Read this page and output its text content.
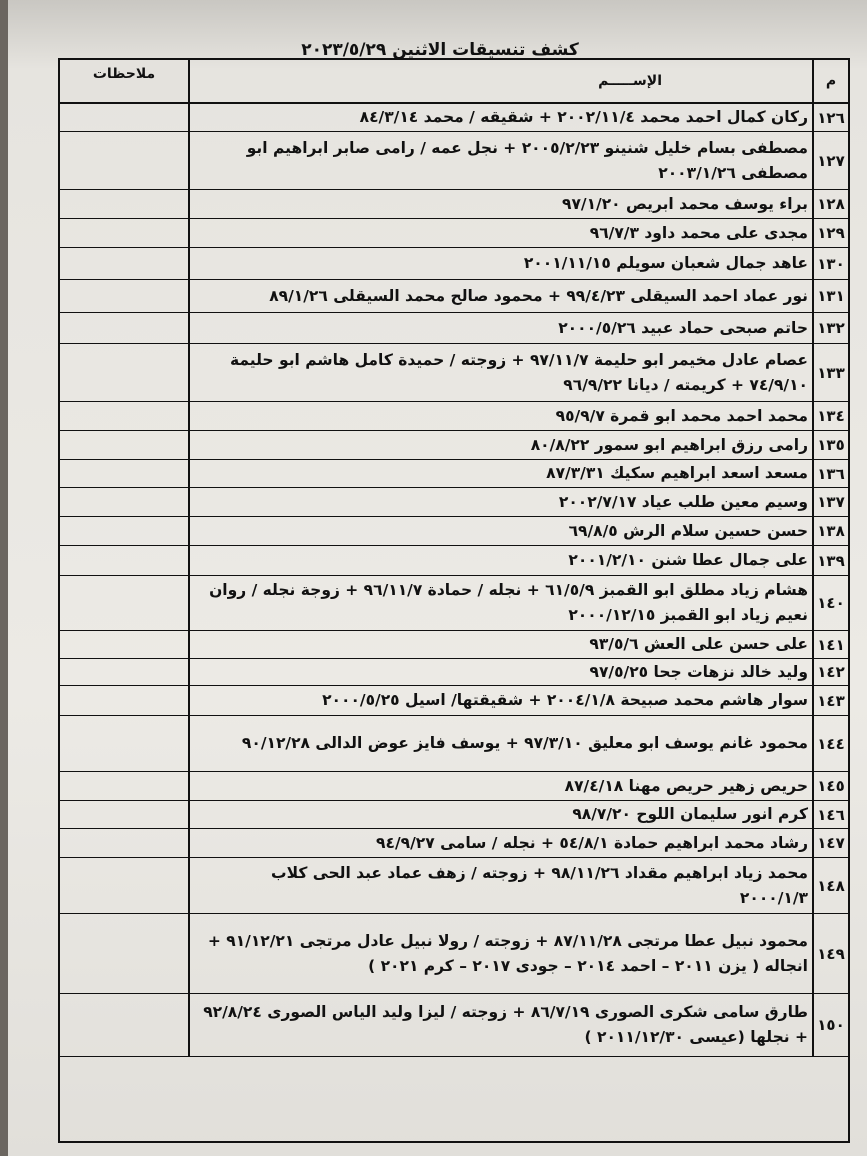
كشف تنسيقات الاثنين ٢٠٢٣/٥/٢٩
م
الإســـــم
ملاحظات
١٢٦
ركان كمال احمد محمد ٢٠٠٢/١١/٤ + شقيقه / محمد ٨٤/٣/١٤
١٢٧
مصطفى بسام خليل شنينو ٢٠٠٥/٢/٢٣ + نجل عمه / رامى صابر ابراهيم ابو مصطفى ٢٠٠٣/١/٢٦
١٢٨
براء يوسف محمد ابريص ٩٧/١/٢٠
١٢٩
مجدى على محمد داود ٩٦/٧/٣
١٣٠
عاهد جمال شعبان سويلم ٢٠٠١/١١/١٥
١٣١
نور عماد احمد السيقلى ٩٩/٤/٢٣ + محمود صالح محمد السيقلى ٨٩/١/٢٦
١٣٢
حاتم صبحى حماد عبيد ٢٠٠٠/٥/٢٦
١٣٣
عصام عادل مخيمر ابو حليمة ٩٧/١١/٧ + زوجته / حميدة كامل هاشم ابو حليمة ٧٤/٩/١٠ + كريمته / ديانا ٩٦/٩/٢٢
١٣٤
محمد احمد محمد ابو قمرة ٩٥/٩/٧
١٣٥
رامى رزق ابراهيم ابو سمور ٨٠/٨/٢٢
١٣٦
مسعد اسعد ابراهيم سكيك ٨٧/٣/٣١
١٣٧
وسيم معين طلب عياد ٢٠٠٢/٧/١٧
١٣٨
حسن حسين سلام الرش ٦٩/٨/٥
١٣٩
على جمال عطا شنن ٢٠٠١/٢/١٠
١٤٠
هشام زياد مطلق ابو القمبز ٦١/٥/٩ + نجله / حمادة ٩٦/١١/٧ + زوجة نجله / روان نعيم زياد ابو القمبز ٢٠٠٠/١٢/١٥
١٤١
على حسن على العش ٩٣/٥/٦
١٤٢
وليد خالد نزهات جحا ٩٧/٥/٢٥
١٤٣
سوار هاشم محمد صبيحة ٢٠٠٤/١/٨ + شقيقتها/ اسيل ٢٠٠٠/٥/٢٥
١٤٤
محمود غانم يوسف ابو معليق ٩٧/٣/١٠ + يوسف فايز عوض الدالى ٩٠/١٢/٢٨
١٤٥
حريص زهير حريص مهنا ٨٧/٤/١٨
١٤٦
كرم انور سليمان اللوح ٩٨/٧/٢٠
١٤٧
رشاد محمد ابراهيم حمادة ٥٤/٨/١ + نجله / سامى ٩٤/٩/٢٧
١٤٨
محمد زياد ابراهيم مقداد ٩٨/١١/٢٦ + زوجته / زهف عماد عبد الحى كلاب ٢٠٠٠/١/٣
١٤٩
محمود نبيل عطا مرتجى ٨٧/١١/٢٨ + زوجته / رولا نبيل عادل مرتجى ٩١/١٢/٢١ + انجاله ( يزن ٢٠١١ – احمد ٢٠١٤ – جودى ٢٠١٧ – كرم ٢٠٢١ )
١٥٠
طارق سامى شكرى الصورى ٨٦/٧/١٩ + زوجته / ليزا وليد الياس الصورى ٩٢/٨/٢٤ + نجلها (عيسى ٢٠١١/١٢/٣٠ )
